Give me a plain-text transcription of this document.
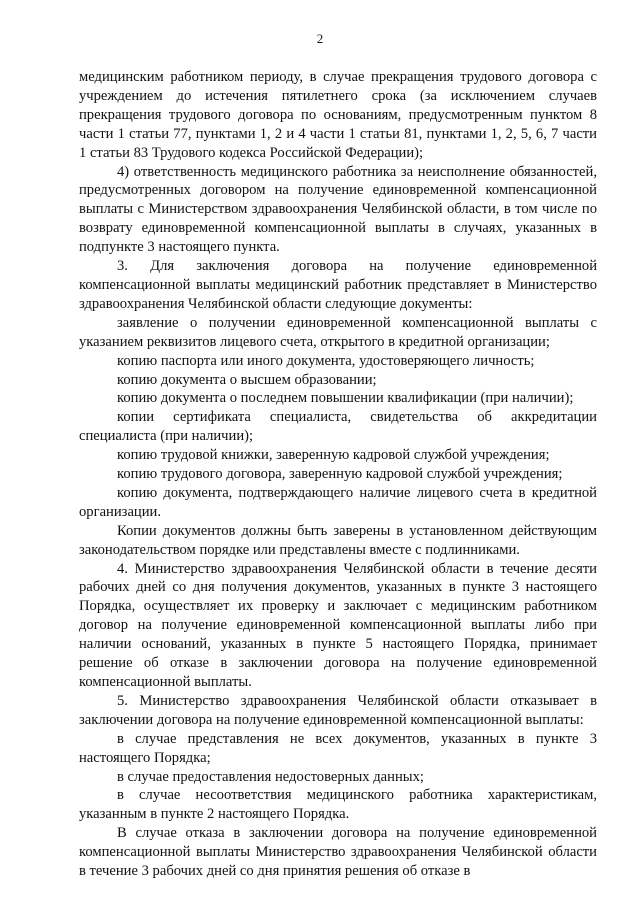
2

медицинским работником периоду, в случае прекращения трудового договора с учреждением до истечения пятилетнего срока (за исключением случаев прекращения трудового договора по основаниям, предусмотренным пунктом 8 части 1 статьи 77, пунктами 1, 2 и 4 части 1 статьи 81, пунктами 1, 2, 5, 6, 7 части 1 статьи 83 Трудового кодекса Российской Федерации);

4) ответственность медицинского работника за неисполнение обязанностей, предусмотренных договором на получение единовременной компенсационной выплаты с Министерством здравоохранения Челябинской области, в том числе по возврату единовременной компенсационной выплаты в случаях, указанных в подпункте 3 настоящего пункта.

3. Для заключения договора на получение единовременной компенсационной выплаты медицинский работник представляет в Министерство здравоохранения Челябинской области следующие документы:

заявление о получении единовременной компенсационной выплаты с указанием реквизитов лицевого счета, открытого в кредитной организации;

копию паспорта или иного документа, удостоверяющего личность;

копию документа о высшем образовании;

копию документа о последнем повышении квалификации (при наличии);

копии сертификата специалиста, свидетельства об аккредитации специалиста (при наличии);

копию трудовой книжки, заверенную кадровой службой учреждения;

копию трудового договора, заверенную кадровой службой учреждения;

копию документа, подтверждающего наличие лицевого счета в кредитной организации.

Копии документов должны быть заверены в установленном действующим законодательством порядке или представлены вместе с подлинниками.

4. Министерство здравоохранения Челябинской области в течение десяти рабочих дней со дня получения документов, указанных в пункте 3 настоящего Порядка, осуществляет их проверку и заключает с медицинским работником договор на получение единовременной компенсационной выплаты либо при наличии оснований, указанных в пункте 5 настоящего Порядка, принимает решение об отказе в заключении договора на получение единовременной компенсационной выплаты.

5. Министерство здравоохранения Челябинской области отказывает в заключении договора на получение единовременной компенсационной выплаты:

в случае представления не всех документов, указанных в пункте 3 настоящего Порядка;

в случае предоставления недостоверных данных;

в случае несоответствия медицинского работника характеристикам, указанным в пункте 2 настоящего Порядка.

В случае отказа в заключении договора на получение единовременной компенсационной выплаты Министерство здравоохранения Челябинской области в течение 3 рабочих дней со дня принятия решения об отказе в
